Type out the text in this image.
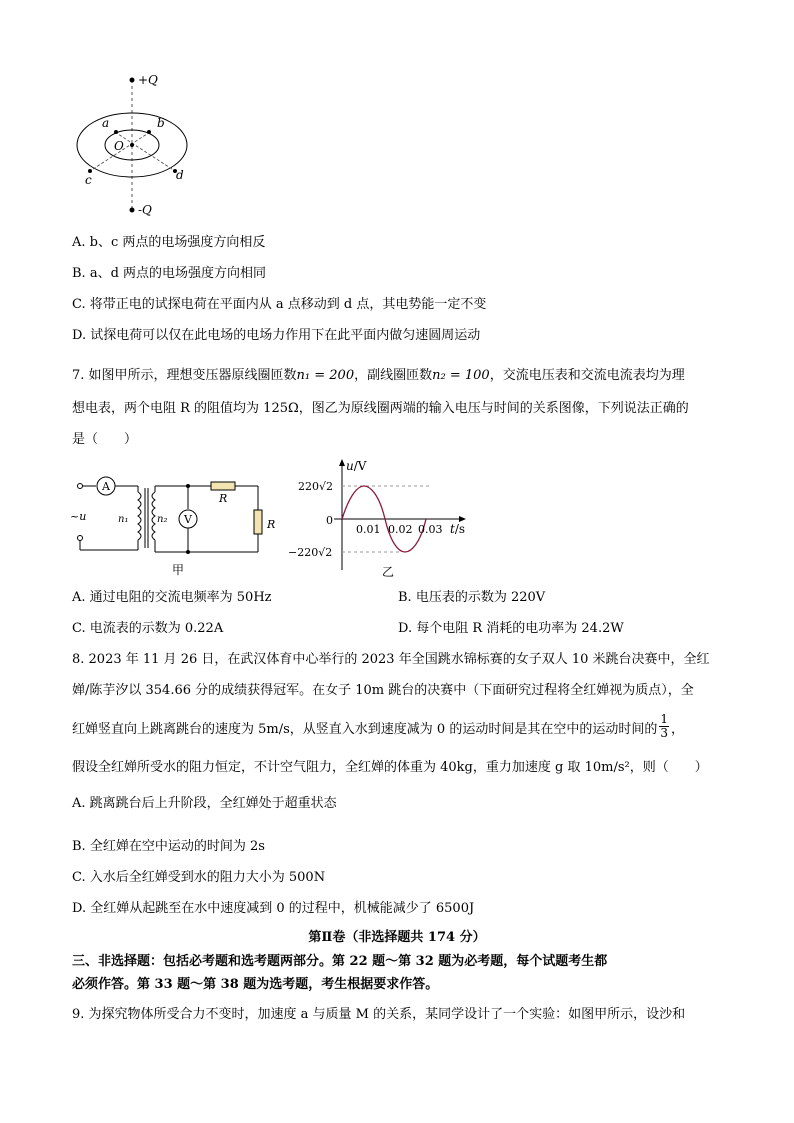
+Q
-Q
a	b
O
c	d
A. b、c 两点的电场强度方向相反
B. a、d 两点的电场强度方向相同
C. 将带正电的试探电荷在平面内从 a 点移动到 d 点，其电势能一定不变
D. 试探电荷可以仅在此电场的电场力作用下在此平面内做匀速圆周运动
7. 如图甲所示，理想变压器原线圈匝数n₁ = 200，副线圈匝数n₂ = 100，交流电压表和交流电流表均为理
想电表，两个电阻 R 的阻值均为 125Ω，图乙为原线圈两端的输入电压与时间的关系图像，下列说法正确的
是（　　）
A
~u	n₁	n₂ V
R
R
甲
u/V
t/s
220√2
−220√2
0
0.01 0.02 0.03
乙
A. 通过电阻的交流电频率为 50Hz	B. 电压表的示数为 220V
C. 电流表的示数为 0.22A	D. 每个电阻 R 消耗的电功率为 24.2W
8. 2023 年 11 月 26 日，在武汉体育中心举行的 2023 年全国跳水锦标赛的女子双人 10 米跳台决赛中，全红
婵/陈芋汐以 354.66 分的成绩获得冠军。在女子 10m 跳台的决赛中（下面研究过程将全红婵视为质点），全
红婵竖直向上跳离跳台的速度为 5m/s，从竖直入水到速度减为 0 的运动时间是其在空中的运动时间的 $\frac{1}{3}$ ，
假设全红婵所受水的阻力恒定，不计空气阻力，全红婵的体重为 40kg，重力加速度 g 取 10m/s²，则（　　）
A. 跳离跳台后上升阶段，全红婵处于超重状态
B. 全红婵在空中运动的时间为 2s
C. 入水后全红婵受到水的阻力大小为 500N
D. 全红婵从起跳至在水中速度减到 0 的过程中，机械能减少了 6500J
第Ⅱ卷（非选择题共 174 分）
三、非选择题：包括必考题和选考题两部分。第 22 题～第 32 题为必考题，每个试题考生都
必须作答。第 33 题～第 38 题为选考题，考生根据要求作答。
9. 为探究物体所受合力不变时，加速度 a 与质量 M 的关系，某同学设计了一个实验：如图甲所示，设沙和
